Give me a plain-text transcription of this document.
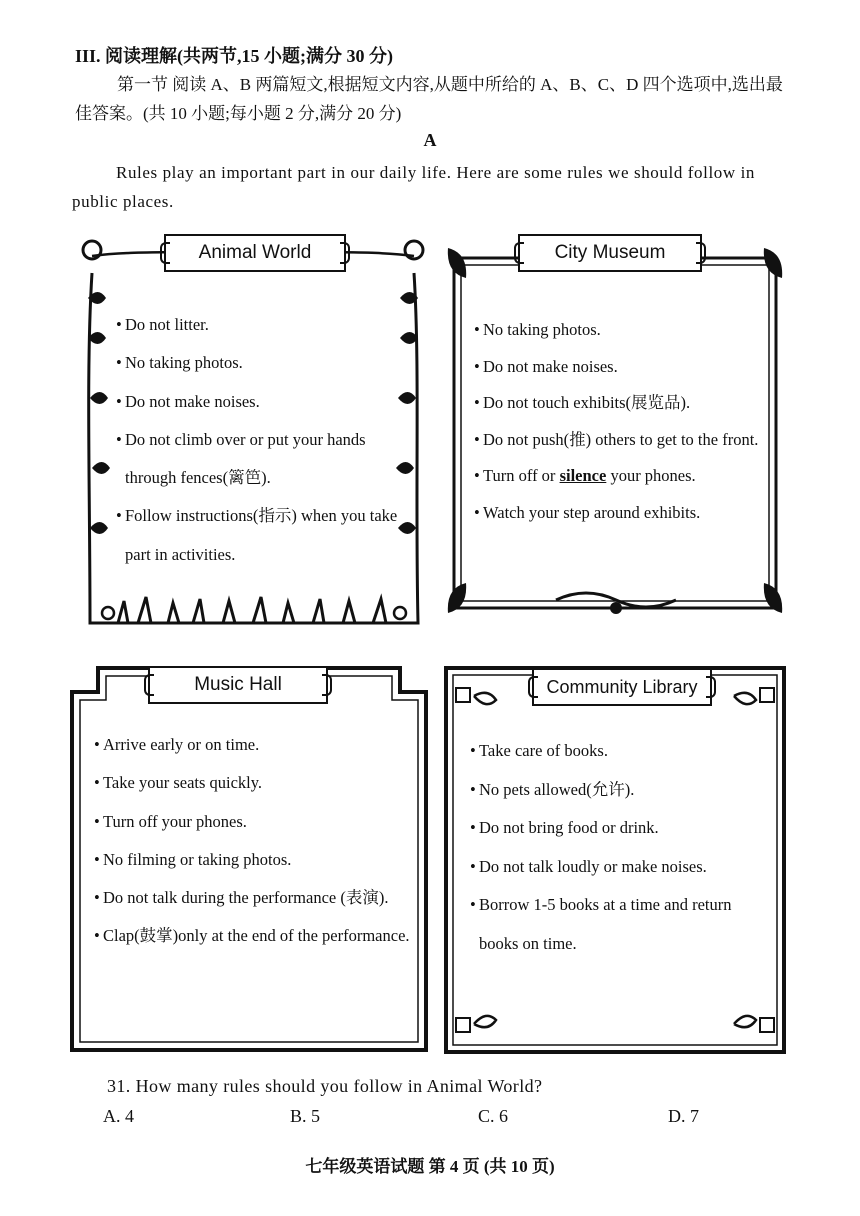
III. 阅读理解(共两节,15 小题;满分 30 分)
第一节 阅读 A、B 两篇短文,根据短文内容,从题中所给的 A、B、C、D 四个选项中,选出最佳答案。(共 10 小题;每小题 2 分,满分 20 分)
A
Rules play an important part in our daily life. Here are some rules we should follow in public places.
Animal World
• Do not litter.
• No taking photos.
• Do not make noises.
• Do not climb over or put your hands through fences(篱笆).
• Follow instructions(指示) when you take part in activities.
City Museum
• No taking photos.
• Do not make noises.
• Do not touch exhibits(展览品).
• Do not push(推) others to get to the front.
• Turn off or silence your phones.
• Watch your step around exhibits.
Music Hall
• Arrive early or on time.
• Take your seats quickly.
• Turn off your phones.
• No filming or taking photos.
• Do not talk during the performance (表演).
• Clap(鼓掌)only at the end of the performance.
Community Library
• Take care of books.
• No pets allowed(允许).
• Do not bring food or drink.
• Do not talk loudly or make noises.
• Borrow 1-5 books at a time and return books on time.
31. How many rules should you follow in Animal World?
A. 4	B. 5	C. 6	D. 7
七年级英语试题 第 4 页 (共 10 页)
